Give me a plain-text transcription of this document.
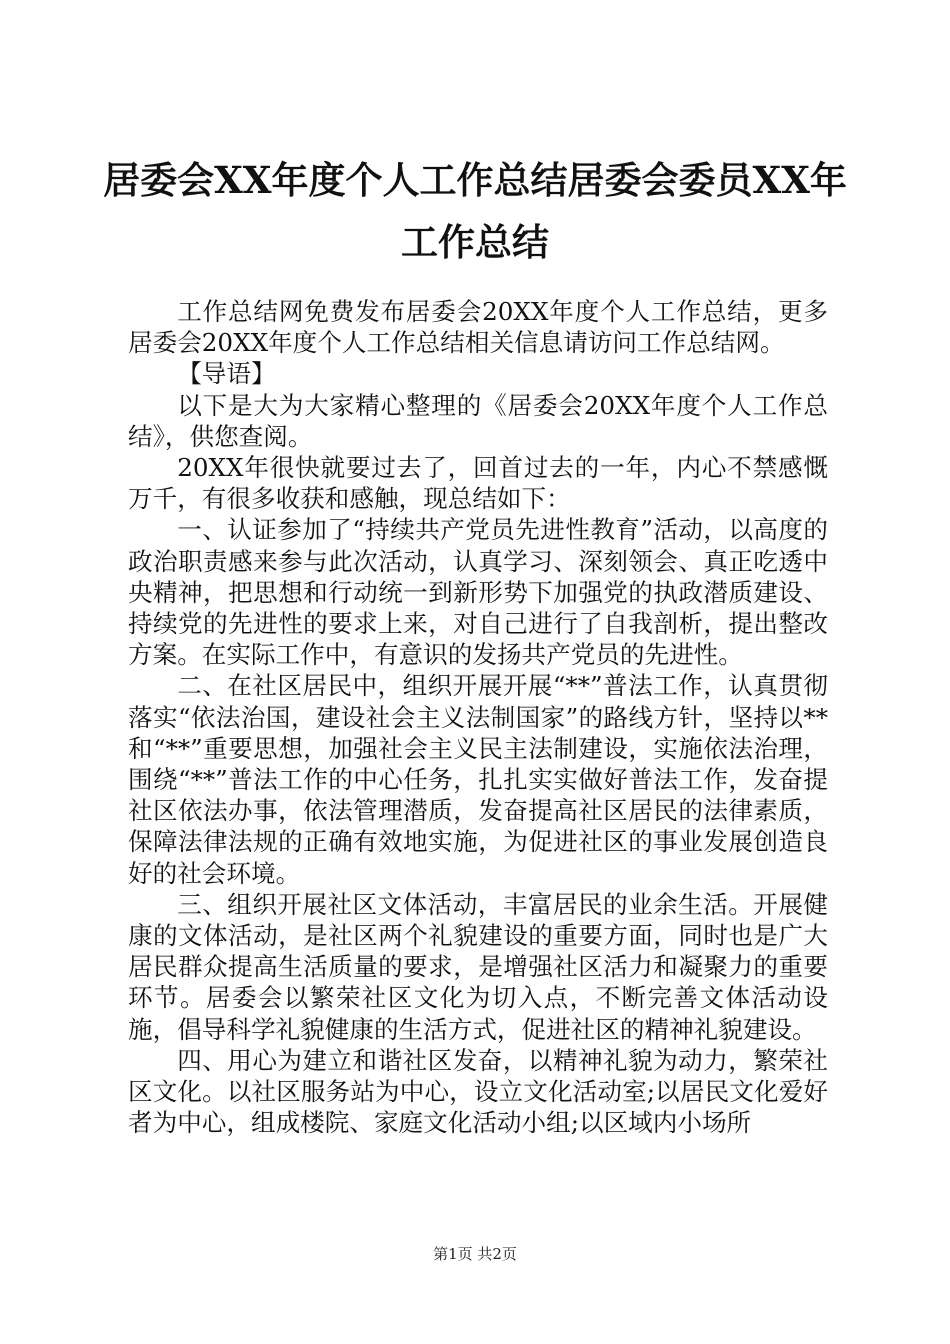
居委会XX年度个人工作总结居委会委员XX年
工作总结

工作总结网免费发布居委会20XX年度个人工作总结，更多居委会20XX年度个人工作总结相关信息请访问工作总结网。

【导语】

以下是大为大家精心整理的《居委会20XX年度个人工作总结》，供您查阅。

20XX年很快就要过去了，回首过去的一年，内心不禁感慨万千，有很多收获和感触，现总结如下：

一、认证参加了“持续共产党员先进性教育”活动，以高度的政治职责感来参与此次活动，认真学习、深刻领会、真正吃透中央精神，把思想和行动统一到新形势下加强党的执政潜质建设、持续党的先进性的要求上来，对自己进行了自我剖析，提出整改方案。在实际工作中，有意识的发扬共产党员的先进性。

二、在社区居民中，组织开展开展“**”普法工作，认真贯彻落实“依法治国，建设社会主义法制国家”的路线方针，坚持以**和“**”重要思想，加强社会主义民主法制建设，实施依法治理，围绕“**”普法工作的中心任务，扎扎实实做好普法工作，发奋提社区依法办事，依法管理潜质，发奋提高社区居民的法律素质，保障法律法规的正确有效地实施，为促进社区的事业发展创造良好的社会环境。

三、组织开展社区文体活动，丰富居民的业余生活。开展健康的文体活动，是社区两个礼貌建设的重要方面，同时也是广大居民群众提高生活质量的要求，是增强社区活力和凝聚力的重要环节。居委会以繁荣社区文化为切入点，不断完善文体活动设施，倡导科学礼貌健康的生活方式，促进社区的精神礼貌建设。

四、用心为建立和谐社区发奋，以精神礼貌为动力，繁荣社区文化。以社区服务站为中心，设立文化活动室;以居民文化爱好者为中心，组成楼院、家庭文化活动小组;以区域内小场所

第1页 共2页
